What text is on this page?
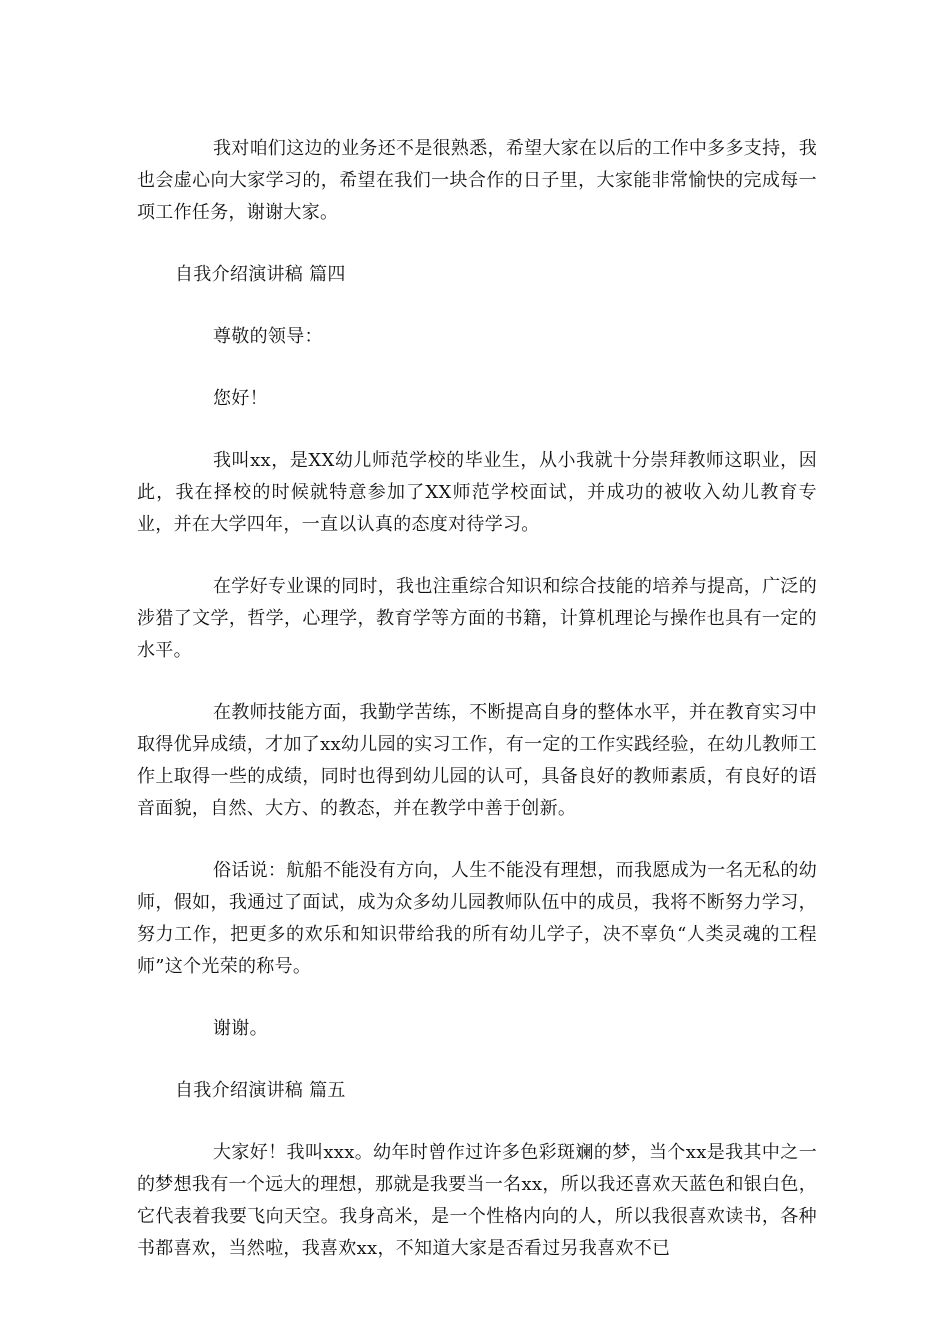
我对咱们这边的业务还不是很熟悉，希望大家在以后的工作中多多支持，我也会虚心向大家学习的，希望在我们一块合作的日子里，大家能非常愉快的完成每一项工作任务，谢谢大家。

自我介绍演讲稿 篇四

尊敬的领导：

您好！

我叫xx，是XX幼儿师范学校的毕业生，从小我就十分崇拜教师这职业，因此，我在择校的时候就特意参加了XX师范学校面试，并成功的被收入幼儿教育专业，并在大学四年，一直以认真的态度对待学习。

在学好专业课的同时，我也注重综合知识和综合技能的培养与提高，广泛的涉猎了文学，哲学，心理学，教育学等方面的书籍，计算机理论与操作也具有一定的水平。

在教师技能方面，我勤学苦练，不断提高自身的整体水平，并在教育实习中取得优异成绩，才加了xx幼儿园的实习工作，有一定的工作实践经验，在幼儿教师工作上取得一些的成绩，同时也得到幼儿园的认可，具备良好的教师素质，有良好的语音面貌，自然、大方、的教态，并在教学中善于创新。

俗话说：航船不能没有方向，人生不能没有理想，而我愿成为一名无私的幼师，假如，我通过了面试，成为众多幼儿园教师队伍中的成员，我将不断努力学习，努力工作，把更多的欢乐和知识带给我的所有幼儿学子，决不辜负“人类灵魂的工程师”这个光荣的称号。

谢谢。

自我介绍演讲稿 篇五

大家好！我叫xxx。幼年时曾作过许多色彩斑斓的梦，当个xx是我其中之一的梦想我有一个远大的理想，那就是我要当一名xx，所以我还喜欢天蓝色和银白色，它代表着我要飞向天空。我身高米，是一个性格内向的人，所以我很喜欢读书，各种书都喜欢，当然啦，我喜欢xx，不知道大家是否看过另我喜欢不已
